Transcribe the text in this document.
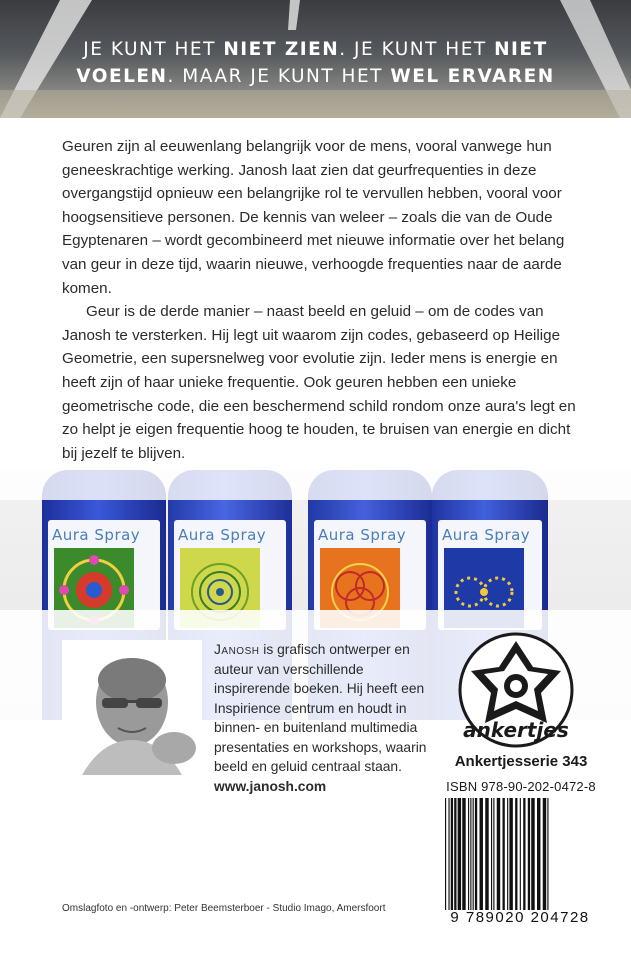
JE KUNT HET NIET ZIEN. JE KUNT HET NIET
VOELEN. MAAR JE KUNT HET WEL ERVAREN

Geuren zijn al eeuwenlang belangrijk voor de mens, vooral vanwege hun geneeskrachtige werking. Janosh laat zien dat geurfrequenties in deze overgangstijd opnieuw een belangrijke rol te vervullen hebben, vooral voor hoogsensitieve personen. De kennis van weleer – zoals die van de Oude Egyptenaren – wordt gecombineerd met nieuwe informatie over het belang van geur in deze tijd, waarin nieuwe, verhoogde frequenties naar de aarde komen.

Geur is de derde manier – naast beeld en geluid – om de codes van Janosh te versterken. Hij legt uit waarom zijn codes, gebaseerd op Heilige Geometrie, een supersnelweg voor evolutie zijn. Ieder mens is energie en heeft zijn of haar unieke frequentie. Ook geuren hebben een unieke geometrische code, die een beschermend schild rondom onze aura's legt en zo helpt je eigen frequentie hoog te houden, te bruisen van energie en dicht bij jezelf te blijven.

Aura Spray	Aura Spray	Aura Spray Aura Spray
Janosh is grafisch ontwerper en auteur van verschillende inspirerende boeken. Hij heeft een Inspirience centrum en houdt in binnen- en buitenland multimedia presentaties en workshops, waarin beeld en geluid centraal staan. www.janosh.com
ankertjes
Ankertjesserie 343
ISBN 978-90-202-0472-8
9 789020 204728
Omslagfoto en -ontwerp: Peter Beemsterboer - Studio Imago, Amersfoort
